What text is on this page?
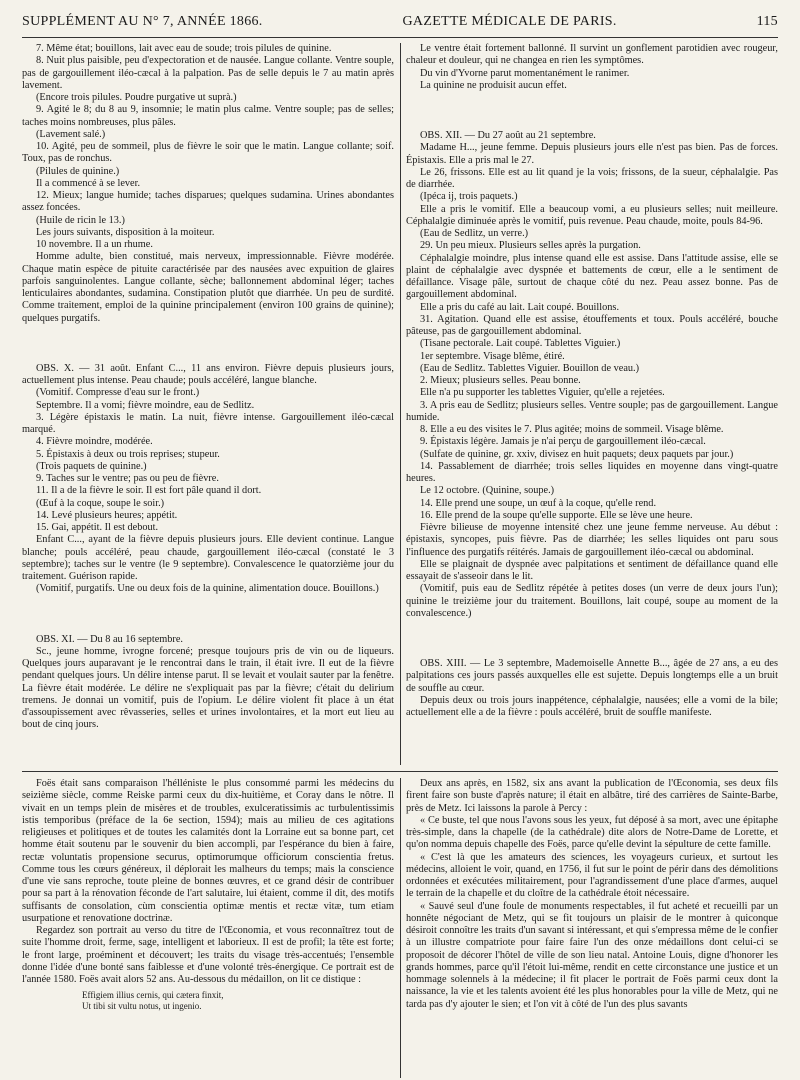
SUPPLÉMENT AU N° 7, ANNÉE 1866.	GAZETTE MÉDICALE DE PARIS.	115

7. Même état; bouillons, lait avec eau de soude; trois pilules de quinine.

8. Nuit plus paisible, peu d'expectoration et de nausée. Langue collante. Ventre souple, pas de gargouillement iléo-cæcal à la palpation. Pas de selle depuis le 7 au matin après lavement.

(Encore trois pilules. Poudre purgative ut suprà.)

9. Agité le 8; du 8 au 9, insomnie; le matin plus calme. Ventre souple; pas de selles; taches moins nombreuses, plus pâles.

(Lavement salé.)

10. Agité, peu de sommeil, plus de fièvre le soir que le matin. Langue collante; soif. Toux, pas de ronchus.

(Pilules de quinine.)

Il a commencé à se lever.

12. Mieux; langue humide; taches disparues; quelques sudamina. Urines abondantes assez foncées.

(Huile de ricin le 13.)

Les jours suivants, disposition à la moiteur.

10 novembre. Il a un rhume.

Homme adulte, bien constitué, mais nerveux, impressionnable. Fièvre modérée. Chaque matin espèce de pituite caractérisée par des nausées avec expuition de glaires parfois sanguinolentes. Langue collante, sèche; ballonnement abdominal léger; taches lenticulaires abondantes, sudamina. Constipation plutôt que diarrhée. Un peu de surdité. Comme traitement, emploi de la quinine principalement (environ 100 grains de quinine); quelques purgatifs.

OBS. X. — 31 août. Enfant C..., 11 ans environ. Fièvre depuis plusieurs jours, actuellement plus intense. Peau chaude; pouls accéléré, langue blanche.

(Vomitif. Compresse d'eau sur le front.)

Septembre. Il a vomi; fièvre moindre, eau de Sedlitz.

3. Légère épistaxis le matin. La nuit, fièvre intense. Gargouillement iléo-cæcal marqué.

4. Fièvre moindre, modérée.

5. Épistaxis à deux ou trois reprises; stupeur.

(Trois paquets de quinine.)

9. Taches sur le ventre; pas ou peu de fièvre.

11. Il a de la fièvre le soir. Il est fort pâle quand il dort.

(Œuf à la coque, soupe le soir.)

14. Levé plusieurs heures; appétit.

15. Gai, appétit. Il est debout.

Enfant C..., ayant de la fièvre depuis plusieurs jours. Elle devient continue. Langue blanche; pouls accéléré, peau chaude, gargouillement iléo-cæcal (constaté le 3 septembre); taches sur le ventre (le 9 septembre). Convalescence le quatorzième jour du traitement. Guérison rapide.

(Vomitif, purgatifs. Une ou deux fois de la quinine, alimentation douce. Bouillons.)

OBS. XI. — Du 8 au 16 septembre.

Sc., jeune homme, ivrogne forcené; presque toujours pris de vin ou de liqueurs. Quelques jours auparavant je le rencontrai dans le train, il était ivre. Il eut de la fièvre pendant quelques jours. Un délire intense parut. Il se levait et voulait sauter par la fenêtre. La fièvre était modérée. Le délire ne s'expliquait pas par la fièvre; c'était du delirium tremens. Je donnai un vomitif, puis de l'opium. Le délire violent fit place à un état d'assoupissement avec rêvasseries, selles et urines involontaires, et la mort eut lieu au bout de cinq jours.

Le ventre était fortement ballonné. Il survint un gonflement parotidien avec rougeur, chaleur et douleur, qui ne changea en rien les symptômes.

Du vin d'Yvorne parut momentanément le ranimer.

La quinine ne produisit aucun effet.

OBS. XII. — Du 27 août au 21 septembre.

Madame H..., jeune femme. Depuis plusieurs jours elle n'est pas bien. Pas de forces. Épistaxis. Elle a pris mal le 27.

Le 26, frissons. Elle est au lit quand je la vois; frissons, de la sueur, céphalalgie. Pas de diarrhée.

(Ipéca ij, trois paquets.)

Elle a pris le vomitif. Elle a beaucoup vomi, a eu plusieurs selles; nuit meilleure. Céphalalgie diminuée après le vomitif, puis revenue. Peau chaude, moite, pouls 84-96.

(Eau de Sedlitz, un verre.)

29. Un peu mieux. Plusieurs selles après la purgation.

Céphalalgie moindre, plus intense quand elle est assise. Dans l'attitude assise, elle se plaint de céphalalgie avec dyspnée et battements de cœur, elle a le sentiment de défaillance. Visage pâle, surtout de chaque côté du nez. Peau assez bonne. Pas de gargouillement abdominal.

Elle a pris du café au lait. Lait coupé. Bouillons.

31. Agitation. Quand elle est assise, étouffements et toux. Pouls accéléré, bouche pâteuse, pas de gargouillement abdominal.

(Tisane pectorale. Lait coupé. Tablettes Viguier.)

1er septembre. Visage blême, étiré.

(Eau de Sedlitz. Tablettes Viguier. Bouillon de veau.)

2. Mieux; plusieurs selles. Peau bonne.

Elle n'a pu supporter les tablettes Viguier, qu'elle a rejetées.

3. A pris eau de Sedlitz; plusieurs selles. Ventre souple; pas de gargouillement. Langue humide.

8. Elle a eu des visites le 7. Plus agitée; moins de sommeil. Visage blême.

9. Épistaxis légère. Jamais je n'ai perçu de gargouillement iléo-cæcal.

(Sulfate de quinine, gr. xxiv, divisez en huit paquets; deux paquets par jour.)

14. Passablement de diarrhée; trois selles liquides en moyenne dans vingt-quatre heures.

Le 12 octobre. (Quinine, soupe.)

14. Elle prend une soupe, un œuf à la coque, qu'elle rend.

16. Elle prend de la soupe qu'elle supporte. Elle se lève une heure.

Fièvre bilieuse de moyenne intensité chez une jeune femme nerveuse. Au début : épistaxis, syncopes, puis fièvre. Pas de diarrhée; les selles liquides ont paru sous l'influence des purgatifs réitérés. Jamais de gargouillement iléo-cæcal ou abdominal.

Elle se plaignait de dyspnée avec palpitations et sentiment de défaillance quand elle essayait de s'asseoir dans le lit.

(Vomitif, puis eau de Sedlitz répétée à petites doses (un verre de deux jours l'un); quinine le treizième jour du traitement. Bouillons, lait coupé, soupe au moment de la convalescence.)

OBS. XIII. — Le 3 septembre, Mademoiselle Annette B..., âgée de 27 ans, a eu des palpitations ces jours passés auxquelles elle est sujette. Depuis longtemps elle a un bruit de souffle au cœur.

Depuis deux ou trois jours inappétence, céphalalgie, nausées; elle a vomi de la bile; actuellement elle a de la fièvre : pouls accéléré, bruit de souffle manifeste.

Foës était sans comparaison l'hélléniste le plus consommé parmi les médecins du seizième siècle, comme Reiske parmi ceux du dix-huitième, et Coray dans le nôtre. Il vivait en un temps plein de misères et de troubles, exulceratissimis ac turbulentissimis istis temporibus (préface de la 6e section, 1594); mais au milieu de ces agitations religieuses et politiques et de toutes les calamités dont la Lorraine eut sa bonne part, cet homme était soutenu par le souvenir du bien accompli, par l'espérance du bien à faire, rectæ voluntatis propensione securus, optimorumque officiorum conscientia fretus. Comme tous les cœurs généreux, il déplorait les malheurs du temps; mais la conscience d'une vie sans reproche, toute pleine de bonnes œuvres, et ce grand désir de contribuer pour sa part à la rénovation féconde de l'art salutaire, lui étaient, comme il dit, des motifs suffisants de consolation, cùm conscientia optimæ mentis et rectæ vitæ, tum etiam usurpatione et renovatione doctrinæ.

Regardez son portrait au verso du titre de l'Œconomia, et vous reconnaîtrez tout de suite l'homme droit, ferme, sage, intelligent et laborieux. Il est de profil; la tête est forte; le front large, proéminent et découvert; les traits du visage très-accentués; l'ensemble donne l'idée d'une bonté sans faiblesse et d'une volonté très-énergique. Ce portrait est de l'année 1580. Foës avait alors 52 ans. Au-dessous du médaillon, on lit ce distique :

Effigiem illius cernis, qui cætera finxit,
Ut tibi sit vultu notus, ut ingenio.

Deux ans après, en 1582, six ans avant la publication de l'Œconomia, ses deux fils firent faire son buste d'après nature; il était en albâtre, tiré des carrières de Sainte-Barbe, près de Metz. Ici laissons la parole à Percy :

« Ce buste, tel que nous l'avons sous les yeux, fut déposé à sa mort, avec une épitaphe très-simple, dans la chapelle (de la cathédrale) dite alors de Notre-Dame de Lorette, et qu'on nomma depuis chapelle des Foës, parce qu'elle devint la sépulture de cette famille.

« C'est là que les amateurs des sciences, les voyageurs curieux, et surtout les médecins, alloient le voir, quand, en 1756, il fut sur le point de périr dans des démolitions ordonnées et exécutées militairement, pour l'agrandissement d'une place d'armes, auquel le terrain de la chapelle et du cloître de la cathédrale étoit nécessaire.

« Sauvé seul d'une foule de monuments respectables, il fut acheté et recueilli par un honnête négociant de Metz, qui se fit toujours un plaisir de le montrer à quiconque désiroit connoître les traits d'un savant si intéressant, et qui s'empressa même de le confier à un illustre compatriote pour faire faire l'un des onze médaillons dont celui-ci se proposoit de décorer l'hôtel de ville de son lieu natal. Antoine Louis, digne d'honorer les grands hommes, parce qu'il l'étoit lui-même, rendit en cette circonstance une justice et un hommage solennels à la médecine; il fit placer le portrait de Foës parmi ceux dont la naissance, la vie et les talents avoient été les plus honorables pour la ville de Metz, qui ne tarda pas d'y ajouter le sien; et l'on vit à côté de l'un des plus savants
